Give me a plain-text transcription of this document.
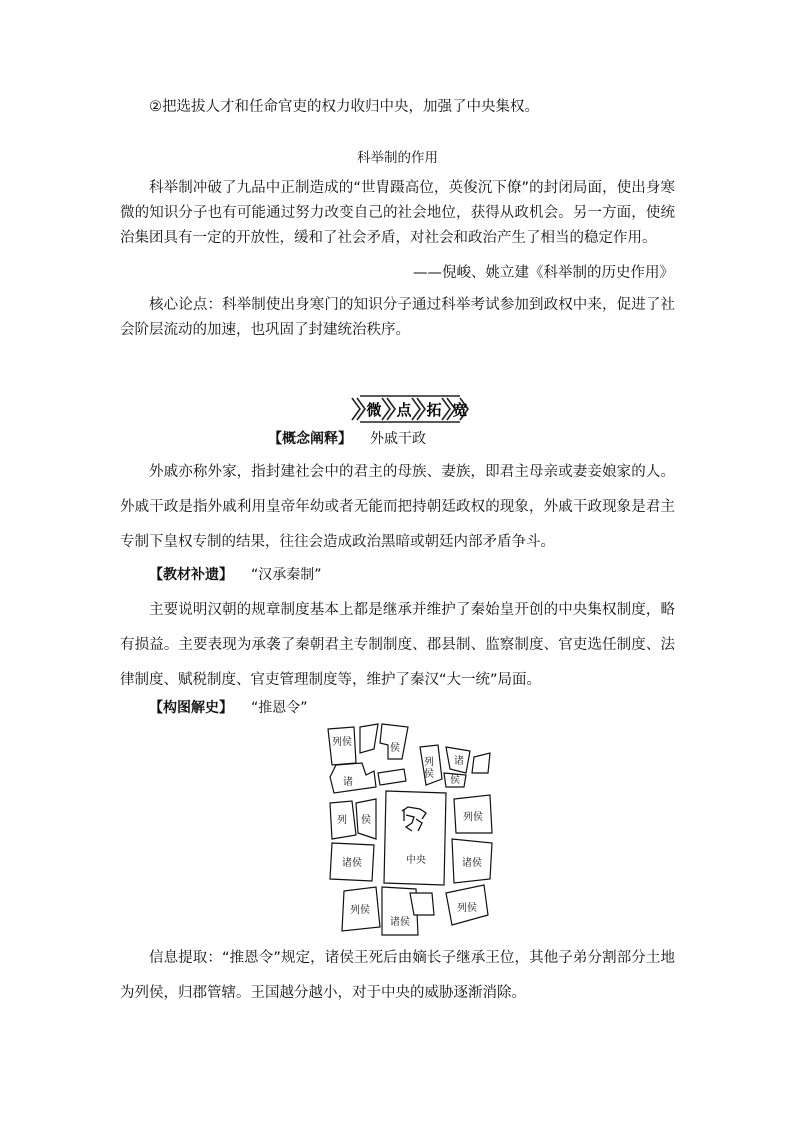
②把选拔人才和任命官吏的权力收归中央，加强了中央集权。

科举制的作用

科举制冲破了九品中正制造成的“世胄蹑高位，英俊沉下僚”的封闭局面，使出身寒微的知识分子也有可能通过努力改变自己的社会地位，获得从政机会。另一方面，使统治集团具有一定的开放性，缓和了社会矛盾，对社会和政治产生了相当的稳定作用。

——倪峻、姚立建《科举制的历史作用》

核心论点：科举制使出身寒门的知识分子通过科举考试参加到政权中来，促进了社会阶层流动的加速，也巩固了封建统治秩序。

微 点 拓 宽

【概念阐释】 外戚干政

外戚亦称外家，指封建社会中的君主的母族、妻族，即君主母亲或妻妾娘家的人。外戚干政是指外戚利用皇帝年幼或者无能而把持朝廷政权的现象，外戚干政现象是君主专制下皇权专制的结果，往往会造成政治黑暗或朝廷内部矛盾争斗。

【教材补遗】 “汉承秦制”

主要说明汉朝的规章制度基本上都是继承并维护了秦始皇开创的中央集权制度，略有损益。主要表现为承袭了秦朝君主专制制度、郡县制、监察制度、官吏选任制度、法律制度、赋税制度、官吏管理制度等，维护了秦汉“大一统”局面。

【构图解史】 “推恩令”

列侯
侯
诸
列
侯
诸
侯
列 侯
诸侯	中央
列侯
诸侯
列侯
诸侯
列侯

信息提取：“推恩令”规定，诸侯王死后由嫡长子继承王位，其他子弟分割部分土地为列侯，归郡管辖。王国越分越小，对于中央的威胁逐渐消除。
